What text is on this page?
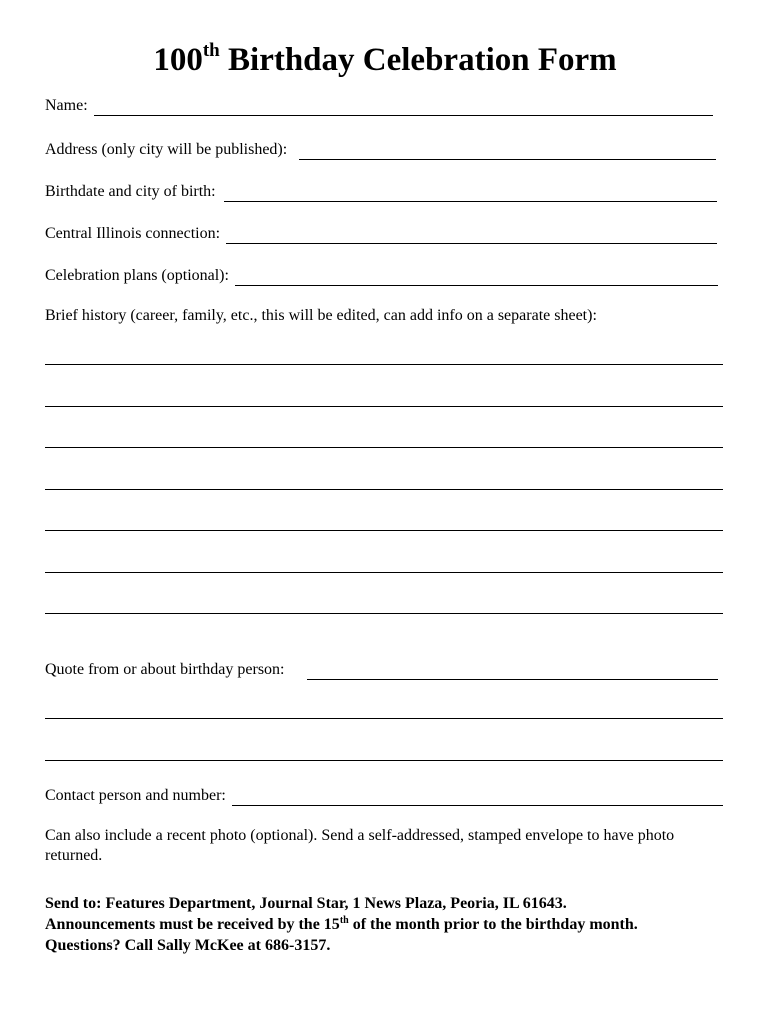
100th Birthday Celebration Form
Name:
Address (only city will be published):
Birthdate and city of birth:
Central Illinois connection:
Celebration plans (optional):

Brief history (career, family, etc., this will be edited, can add info on a separate sheet):

Quote from or about birthday person:
Contact person and number:

Can also include a recent photo (optional). Send a self-addressed, stamped envelope to have photo returned.

Send to: Features Department, Journal Star, 1 News Plaza, Peoria, IL 61643.
Announcements must be received by the 15th of the month prior to the birthday month.
Questions? Call Sally McKee at 686-3157.
